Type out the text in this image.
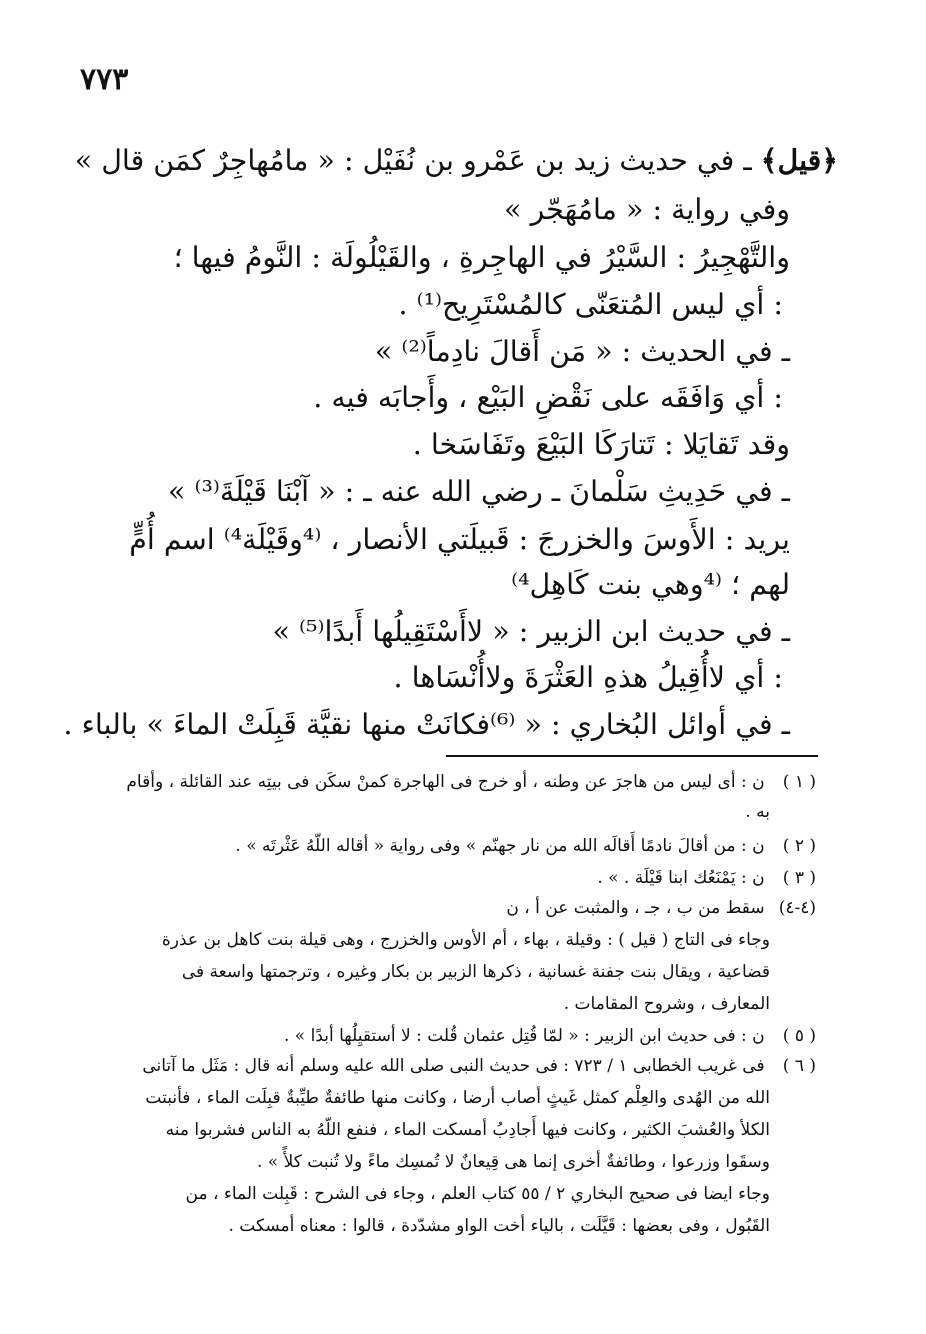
٧٧٣
﴿قيل﴾ ـ في حديث زيد بن عَمْرو بن نُفَيْل : « مامُهاجِرٌ كمَن قال »
وفي رواية : « مامُهَجّر »
والتَّهْجِيرُ : السَّيْرُ في الهاجِرةِ ، والقَيْلُولَة : النَّومُ فيها ؛
: أي ليس المُتعَنّى كالمُسْتَرِيح⁽¹⁾ .
ـ في الحديث : « مَن أَقالَ نادِماً⁽²⁾ »
: أي وَافَقَه على نَقْضِ البَيْع ، وأَجابَه فيه .
وقد تَقايَلا : تَتارَكَا البَيْعَ وتَفَاسَخا .
ـ في حَدِيثِ سَلْمانَ ـ رضي الله عنه ـ : « آبْنَا قَيْلَةَ⁽³⁾ »
يريد : الأَوسَ والخزرجَ : قَبيلَتي الأنصار ، ⁽⁴وقَيْلَة⁴⁾ اسم أُمٍّ
لهم ؛ ⁽⁴وهي بنت كَاهِل⁴⁾
ـ في حديث ابن الزبير : « لاأَسْتَقِيلُها أَبدًا⁽⁵⁾ »
: أي لاأُقِيلُ هذهِ العَثْرَةَ ولاأُنْسَاها .
ـ في أوائل البُخاري : « ⁽⁶⁾فكانَتْ منها نقيَّة قَبِلَتْ الماءَ » بالباء .
( ١ ) ن : أى ليس من هاجرَ عن وطنه ، أو خرج فى الهاجرة كمنْ سكَن فى بيتِه عند القائلة ، وأقام
به .
( ٢ ) ن : من أقالَ نادمًا أَقالَه الله من نار جهنّم » وفى رواية « أقاله اللّهُ عَثْرتَه » .
( ٣ ) ن : يَمْنَعُك ابنا قَيْلَة . » .
(٤-٤) سقط من ب ، جـ ، والمثبت عن أ ، ن
وجاء فى التاج ( قيل ) : وقيلة ، بهاء ، أم الأوس والخزرج ، وهى قيلة بنت كاهل بن عذرة
قضاعية ، ويقال بنت جفنة غسانية ، ذكرها الزبير بن بكار وغيره ، وترجمتها واسعة فى
المعارف ، وشروح المقامات .
( ٥ ) ن : فى حديث ابن الزبير : « لمّا قُتِل عثمان قُلت : لا أستقيِلُها أبدًا » .
( ٦ ) فى غريب الخطابى ١ / ٧٢٣ : فى حديث النبى صلى الله عليه وسلم أنه قال : مَثَل ما آتانى
الله من الهُدى والعِلْم كمثل غَيثٍ أصاب أرضا ، وكانت منها طائفةٌ طيِّبةٌ قبِلَت الماء ، فأنبتت
الكلأ والعُشبَ الكثير ، وكانت فيها أَجادِبُ أمسكت الماء ، فنفع اللّهُ به الناس فشربوا منه
وسقَوا وزرعوا ، وطائفةٌ أخرى إنما هى قِيعانٌ لا تُمسِك ماءً ولا تُنبت كلأً » .
وجاء ايضا فى صحيح البخاري ٢ / ٥٥ كتاب العلم ، وجاء فى الشرح : قَبِلت الماء ، من
القَبُول ، وفى بعضها : قَيَّلَت ، بالياء أخت الواو مشدّدة ، قالوا : معناه أمسكت .
